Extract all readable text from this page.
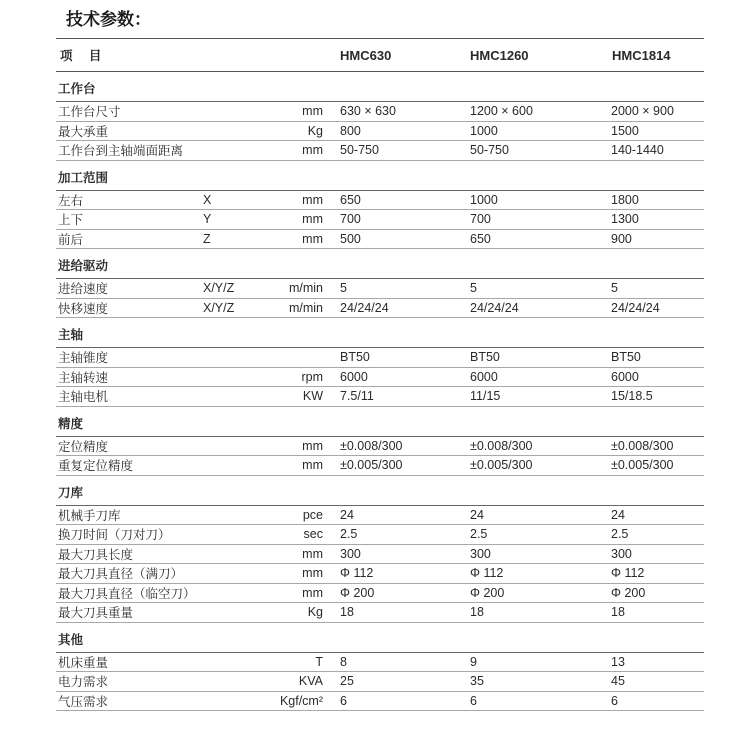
技术参数：
项 目	HMC630	HMC1260	HMC1814
工作台
工作台尺寸	mm 630 × 630	1200 × 600	2000 × 900
最大承重	Kg 800	1000	1500
工作台到主轴端面距离	mm 50-750	50-750	140-1440
加工范围
左右	X	mm 650	1000	1800
上下	Y	mm 700	700	1300
前后	Z	mm 500	650	900
进给驱动
进给速度	X/Y/Z	m/min 5	5	5
快移速度	X/Y/Z	m/min 24/24/24	24/24/24	24/24/24
主轴
主轴锥度	BT50	BT50	BT50
主轴转速	rpm 6000	6000	6000
主轴电机	KW 7.5/11	11/15	15/18.5
精度
定位精度	mm ±0.008/300	±0.008/300	±0.008/300
重复定位精度	mm ±0.005/300	±0.005/300	±0.005/300
刀库
机械手刀库	pce 24	24	24
换刀时间（刀对刀）	sec 2.5	2.5	2.5
最大刀具长度	mm 300	300	300
最大刀具直径（满刀）	mm Φ 112	Φ 112	Φ 112
最大刀具直径（临空刀）	mm Φ 200	Φ 200	Φ 200
最大刀具重量	Kg 18	18	18
其他
机床重量	T 8	9	13
电力需求	KVA 25	35	45
气压需求	Kgf/cm² 6	6	6
